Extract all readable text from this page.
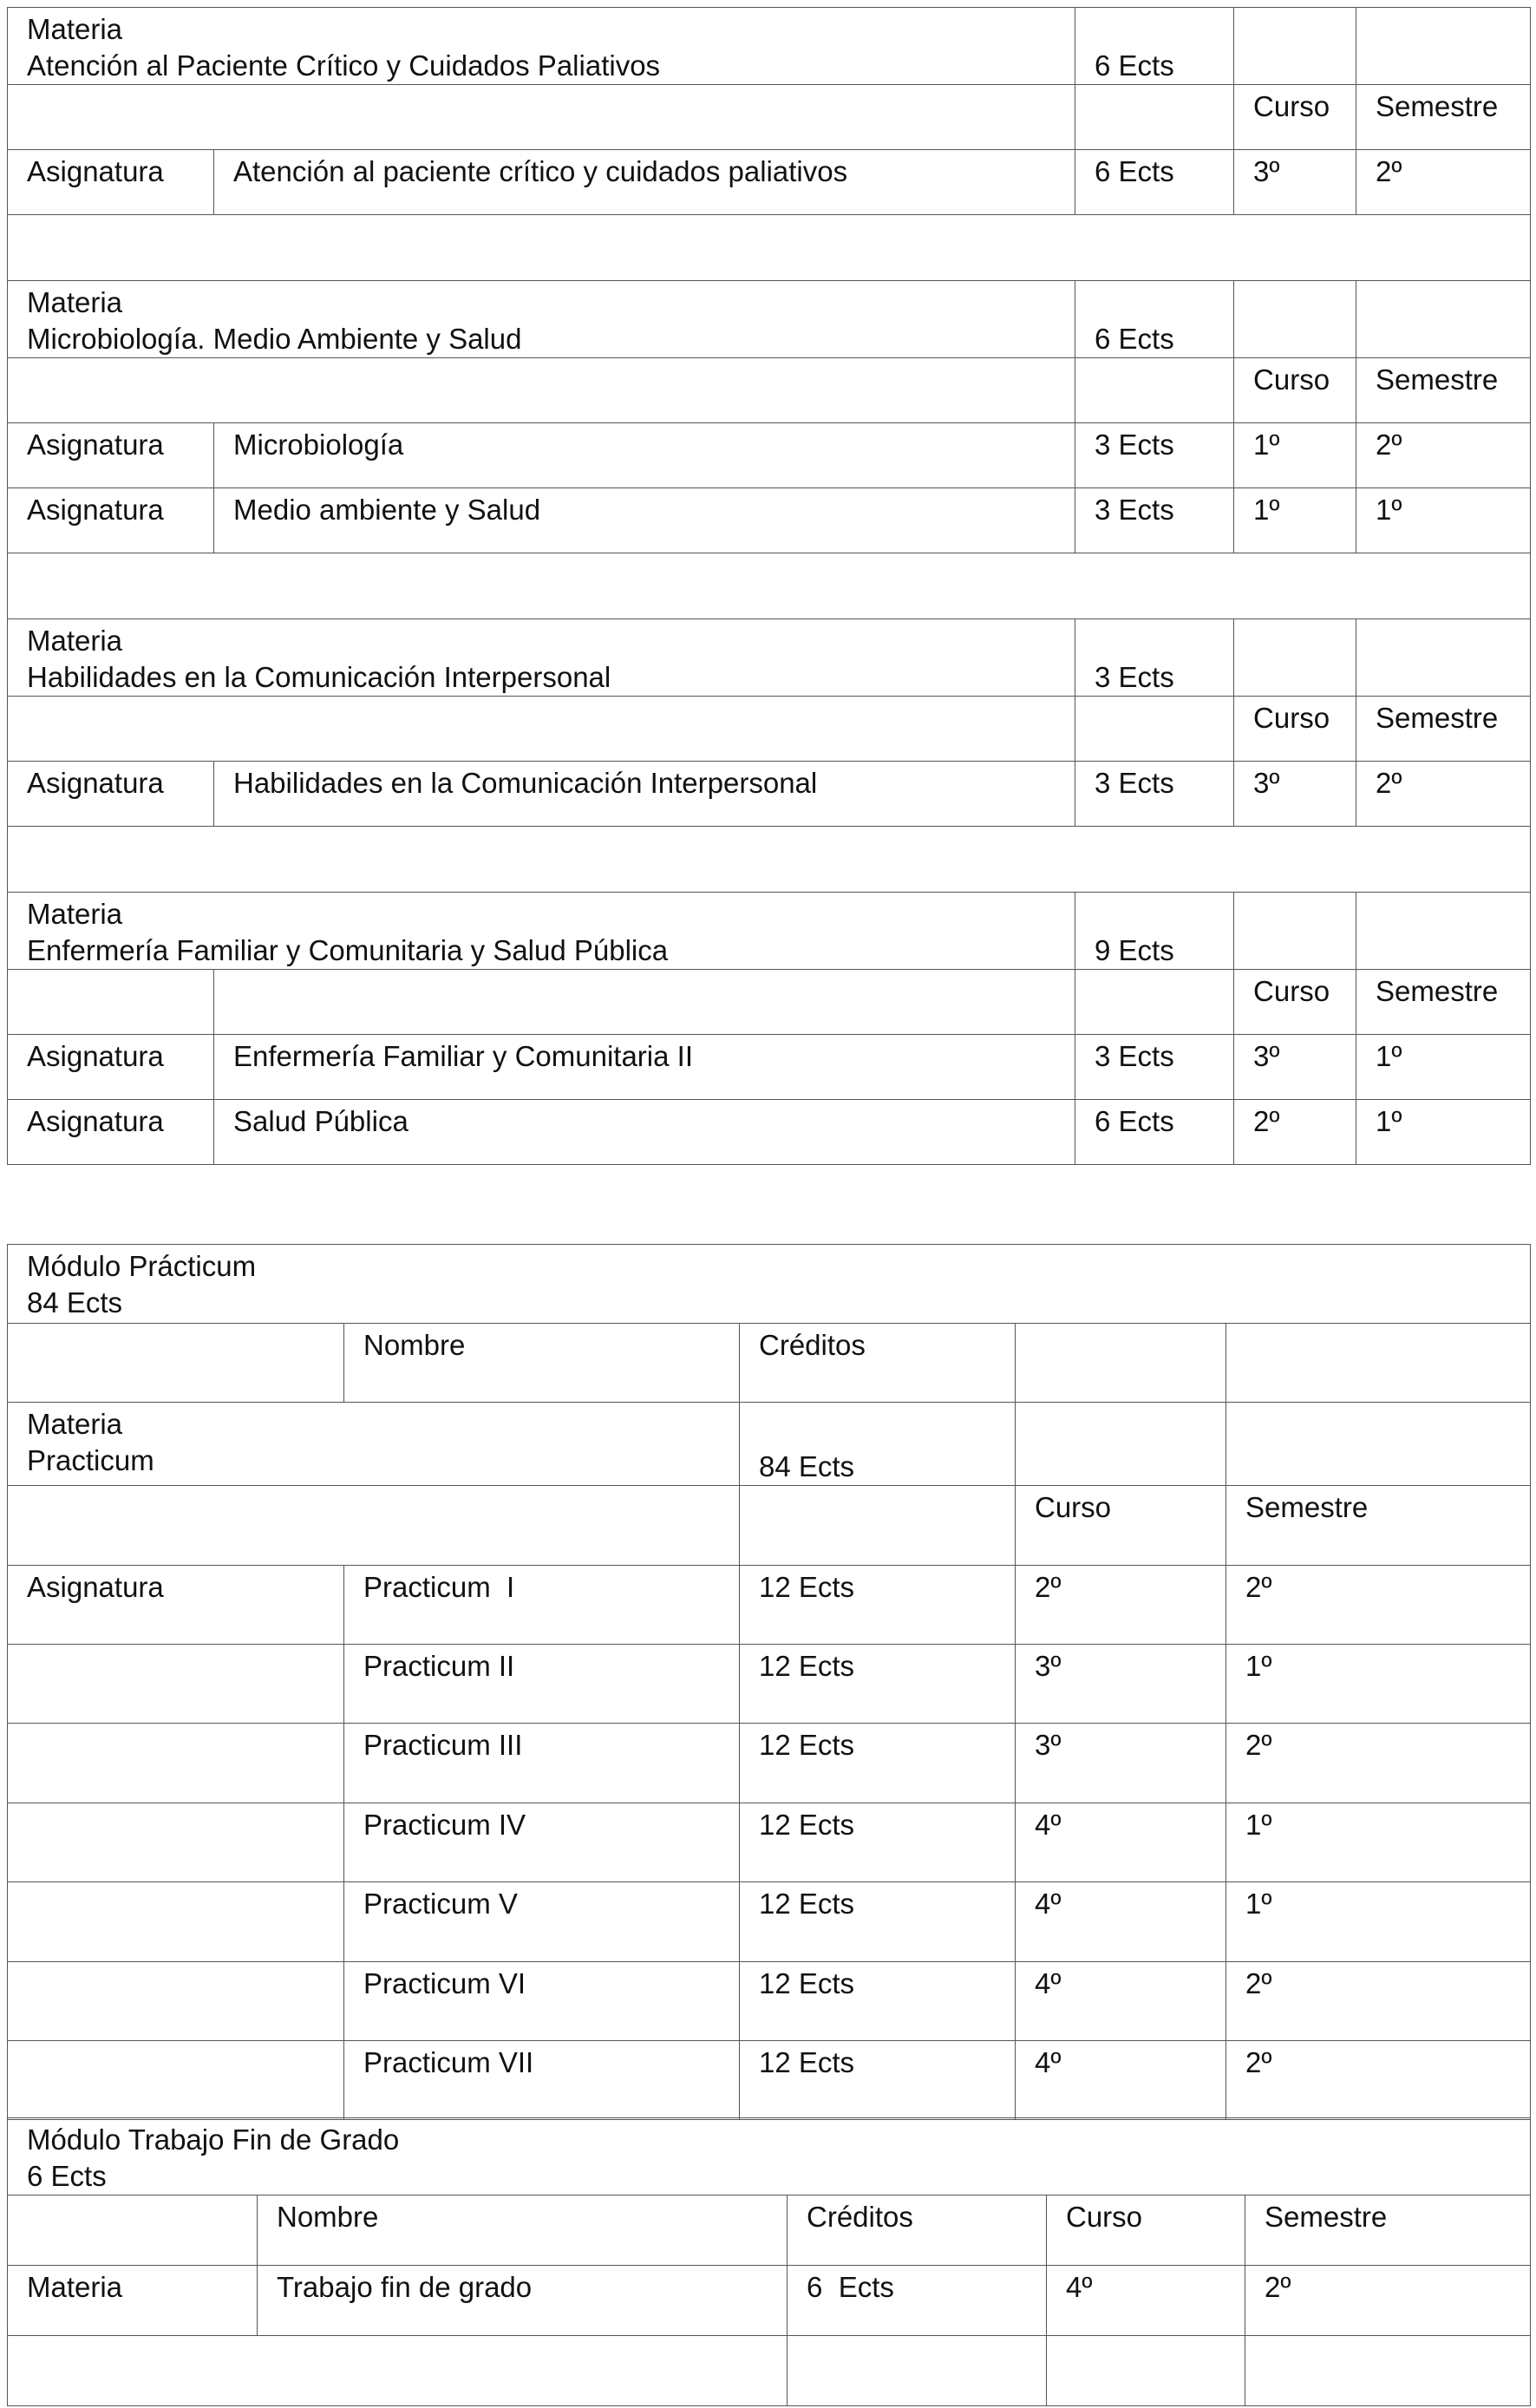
Materia
Atención al Paciente Crítico y Cuidados Paliativos		6 Ects		

			Curso	Semestre
Asignatura	Atención al paciente crítico y cuidados paliativos	6 Ects	3º	2º

Materia
Microbiología. Medio Ambiente y Salud		6 Ects		

			Curso	Semestre
Asignatura	Microbiología	3 Ects	1º	2º
Asignatura	Medio ambiente y Salud	3 Ects	1º	1º

Materia
Habilidades en la Comunicación Interpersonal		3 Ects		

			Curso	Semestre
Asignatura	Habilidades en la Comunicación Interpersonal	3 Ects	3º	2º

Materia
Enfermería Familiar y Comunitaria y Salud Pública		9 Ects		

			Curso	Semestre
Asignatura	Enfermería Familiar y Comunitaria II	3 Ects	3º	1º
Asignatura	Salud Pública	6 Ects	2º	1º
Módulo Prácticum
84 Ects				

	Nombre	Créditos		

Materia
Practicum		84 Ects		

			Curso	Semestre
Asignatura	Practicum  I	12 Ects	2º	2º
	Practicum II	12 Ects	3º	1º
	Practicum III	12 Ects	3º	2º
	Practicum IV	12 Ects	4º	1º
	Practicum V	12 Ects	4º	1º
	Practicum VI	12 Ects	4º	2º
	Practicum VII	12 Ects	4º	2º
Módulo Trabajo Fin de Grado
6 Ects				

	Nombre	Créditos	Curso	Semestre
Materia	Trabajo fin de grado	6  Ects	4º	2º
